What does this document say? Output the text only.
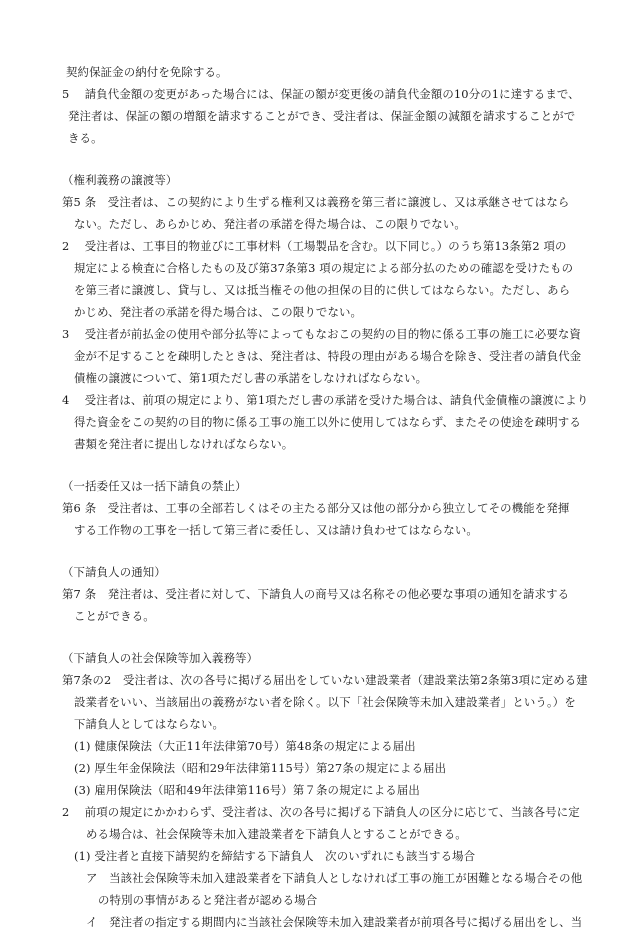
契約保証金の納付を免除する。
5　 請負代金額の変更があった場合には、保証の額が変更後の請負代金額の10分の1に達するまで、
発注者は、保証の額の増額を請求することができ、受注者は、保証金額の減額を請求することがで
きる。
（権利義務の譲渡等）
第5 条　受注者は、この契約により生ずる権利又は義務を第三者に譲渡し、又は承継させてはなら
ない。ただし、あらかじめ、発注者の承諾を得た場合は、この限りでない。
2　 受注者は、工事目的物並びに工事材料（工場製品を含む。以下同じ。）のうち第13条第2 項の
規定による検査に合格したもの及び第37条第3 項の規定による部分払のための確認を受けたもの
を第三者に譲渡し、貸与し、又は抵当権その他の担保の目的に供してはならない。ただし、あら
かじめ、発注者の承諾を得た場合は、この限りでない。
3　 受注者が前払金の使用や部分払等によってもなおこの契約の目的物に係る工事の施工に必要な資
金が不足することを疎明したときは、発注者は、特段の理由がある場合を除き、受注者の請負代金
債権の譲渡について、第1項ただし書の承諾をしなければならない。
4　 受注者は、前項の規定により、第1項ただし書の承諾を受けた場合は、請負代金債権の譲渡により
得た資金をこの契約の目的物に係る工事の施工以外に使用してはならず、またその使途を疎明する
書類を発注者に提出しなければならない。
（一括委任又は一括下請負の禁止）
第6 条　受注者は、工事の全部若しくはその主たる部分又は他の部分から独立してその機能を発揮
する工作物の工事を一括して第三者に委任し、又は請け負わせてはならない。
（下請負人の通知）
第7 条　発注者は、受注者に対して、下請負人の商号又は名称その他必要な事項の通知を請求する
ことができる。
（下請負人の社会保険等加入義務等）
第7条の2　受注者は、次の各号に掲げる届出をしていない建設業者（建設業法第2条第3項に定める建
設業者をいい、当該届出の義務がない者を除く。以下「社会保険等未加入建設業者」という。）を
下請負人としてはならない。
(1) 健康保険法（大正11年法律第70号）第48条の規定による届出
(2) 厚生年金保険法（昭和29年法律第115号）第27条の規定による届出
(3) 雇用保険法（昭和49年法律第116号）第７条の規定による届出
2　 前項の規定にかかわらず、受注者は、次の各号に掲げる下請負人の区分に応じて、当該各号に定
める場合は、社会保険等未加入建設業者を下請負人とすることができる。
(1) 受注者と直接下請契約を締結する下請負人　次のいずれにも該当する場合
ア　当該社会保険等未加入建設業者を下請負人としなければ工事の施工が困難となる場合その他
の特別の事情があると発注者が認める場合
イ　発注者の指定する期間内に当該社会保険等未加入建設業者が前項各号に掲げる届出をし、当
